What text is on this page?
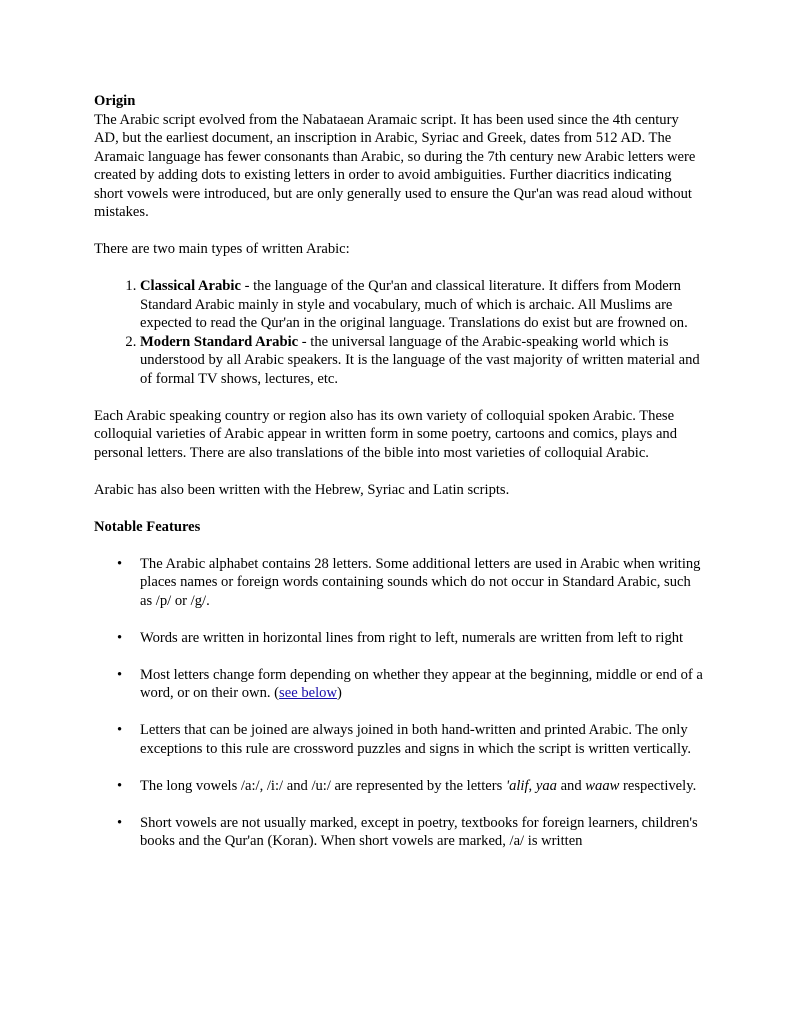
Origin

The Arabic script evolved from the Nabataean Aramaic script. It has been used since the 4th century AD, but the earliest document, an inscription in Arabic, Syriac and Greek, dates from 512 AD. The Aramaic language has fewer consonants than Arabic, so during the 7th century new Arabic letters were created by adding dots to existing letters in order to avoid ambiguities. Further diacritics indicating short vowels were introduced, but are only generally used to ensure the Qur'an was read aloud without mistakes.

There are two main types of written Arabic:

1. Classical Arabic - the language of the Qur'an and classical literature. It differs from Modern Standard Arabic mainly in style and vocabulary, much of which is archaic. All Muslims are expected to read the Qur'an in the original language. Translations do exist but are frowned on.
2. Modern Standard Arabic - the universal language of the Arabic-speaking world which is understood by all Arabic speakers. It is the language of the vast majority of written material and of formal TV shows, lectures, etc.

Each Arabic speaking country or region also has its own variety of colloquial spoken Arabic. These colloquial varieties of Arabic appear in written form in some poetry, cartoons and comics, plays and personal letters. There are also translations of the bible into most varieties of colloquial Arabic.

Arabic has also been written with the Hebrew, Syriac and Latin scripts.

Notable Features

• The Arabic alphabet contains 28 letters. Some additional letters are used in Arabic when writing places names or foreign words containing sounds which do not occur in Standard Arabic, such as /p/ or /g/.
• Words are written in horizontal lines from right to left, numerals are written from left to right
• Most letters change form depending on whether they appear at the beginning, middle or end of a word, or on their own. (see below)
• Letters that can be joined are always joined in both hand-written and printed Arabic. The only exceptions to this rule are crossword puzzles and signs in which the script is written vertically.
• The long vowels /a:/, /i:/ and /u:/ are represented by the letters 'alif, yaa and waaw respectively.
• Short vowels are not usually marked, except in poetry, textbooks for foreign learners, children's books and the Qur'an (Koran). When short vowels are marked, /a/ is written
